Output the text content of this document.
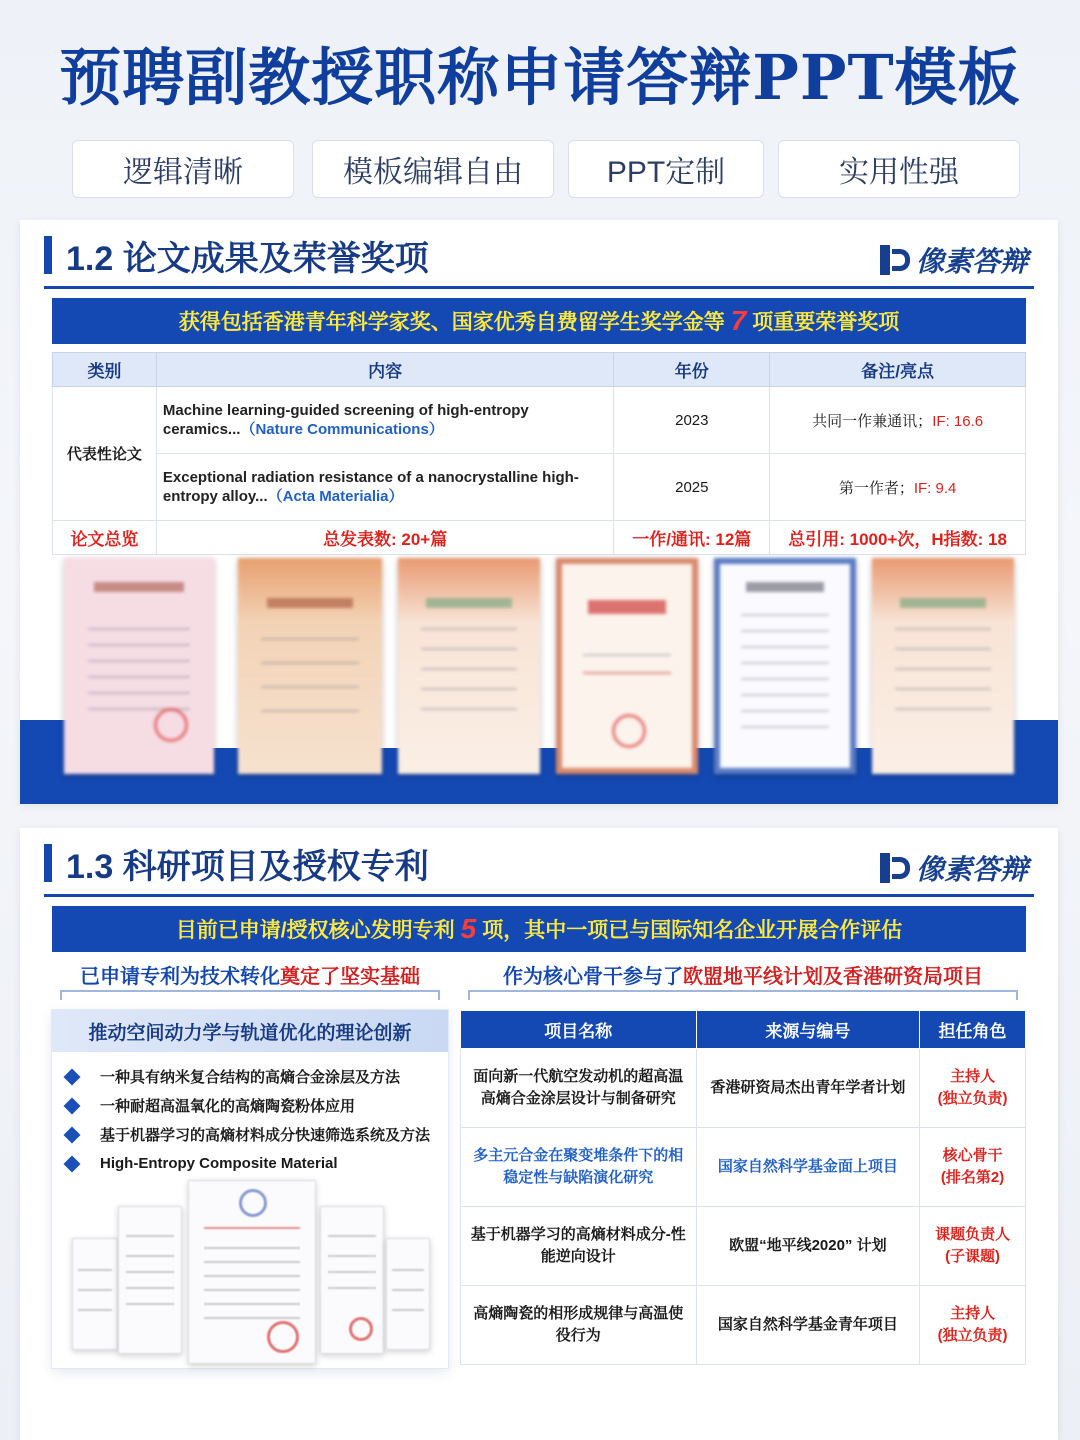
预聘副教授职称申请答辩PPT模板
逻辑清晰	模板编辑自由	PPT定制	实用性强
1.2 论文成果及荣誉奖项	像素答辩
获得包括香港青年科学家奖、国家优秀自费留学生奖学金等 7 项重要荣誉奖项
类别	内容	年份	备注/亮点
代表性论文	Machine learning-guided screening of high-entropy ceramics...（Nature Communications）	2023	共同一作兼通讯；IF: 16.6
	Exceptional radiation resistance of a nanocrystalline high-entropy alloy...（Acta Materialia）	2025	第一作者；IF: 9.4
论文总览	总发表数: 20+篇	一作/通讯: 12篇	总引用: 1000+次，H指数: 18
1.3 科研项目及授权专利	像素答辩
目前已申请/授权核心发明专利 5 项，其中一项已与国际知名企业开展合作评估
已申请专利为技术转化奠定了坚实基础	作为核心骨干参与了欧盟地平线计划及香港研资局项目
推动空间动力学与轨道优化的理论创新
一种具有纳米复合结构的高熵合金涂层及方法
一种耐超高温氧化的高熵陶瓷粉体应用
基于机器学习的高熵材料成分快速筛选系统及方法
High-Entropy Composite Material
项目名称	来源与编号	担任角色
面向新一代航空发动机的超高温高熵合金涂层设计与制备研究	香港研资局杰出青年学者计划	主持人
(独立负责)

多主元合金在聚变堆条件下的相稳定性与缺陷演化研究	国家自然科学基金面上项目	核心骨干
(排名第2)

基于机器学习的高熵材料成分-性能逆向设计	欧盟“地平线2020” 计划	课题负责人
(子课题)

高熵陶瓷的相形成规律与高温使役行为	国家自然科学基金青年项目	主持人
(独立负责)
